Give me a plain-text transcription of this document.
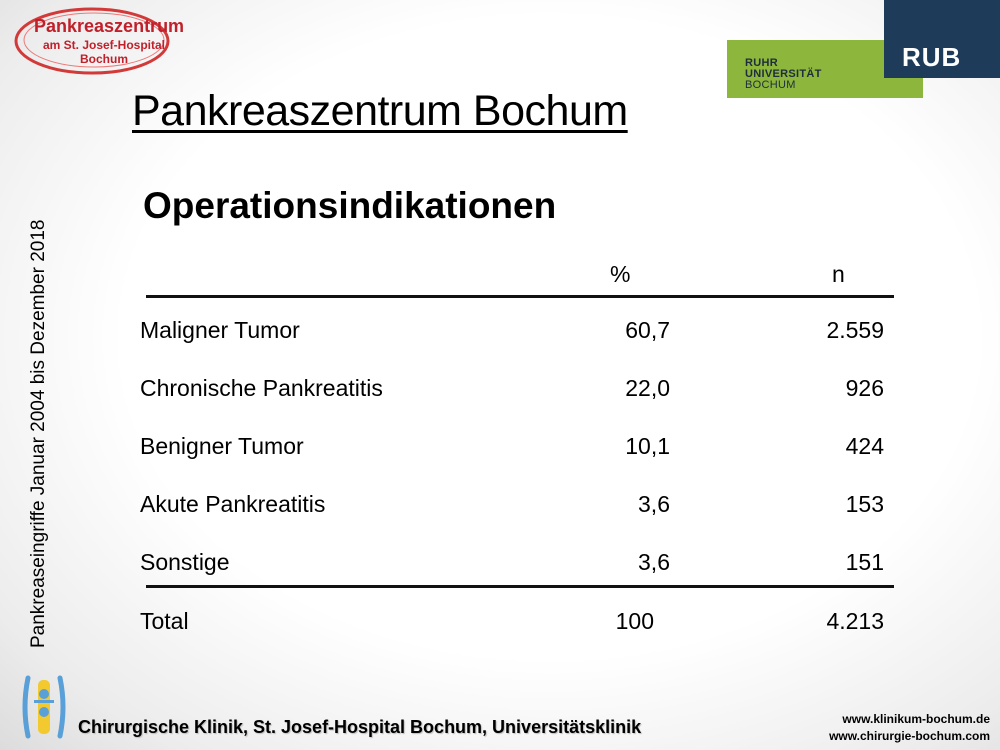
Pankreaszentrum
am St. Josef-Hospital
Bochum	RUHR
UNIVERSITÄT
BOCHUM
RUB
Pankreaszentrum Bochum
Operationsindikationen
Pankreaseingriffe Januar 2004 bis Dezember 2018	%	n
Maligner Tumor	60,7	2.559
Chronische Pankreatitis	22,0	926
Benigner Tumor	10,1	424
Akute Pankreatitis	3,6	153
Sonstige	3,6	151
Total	100	4.213
Chirurgische Klinik, St. Josef-Hospital Bochum, Universitätsklinik	www.klinikum-bochum.de
www.chirurgie-bochum.com
